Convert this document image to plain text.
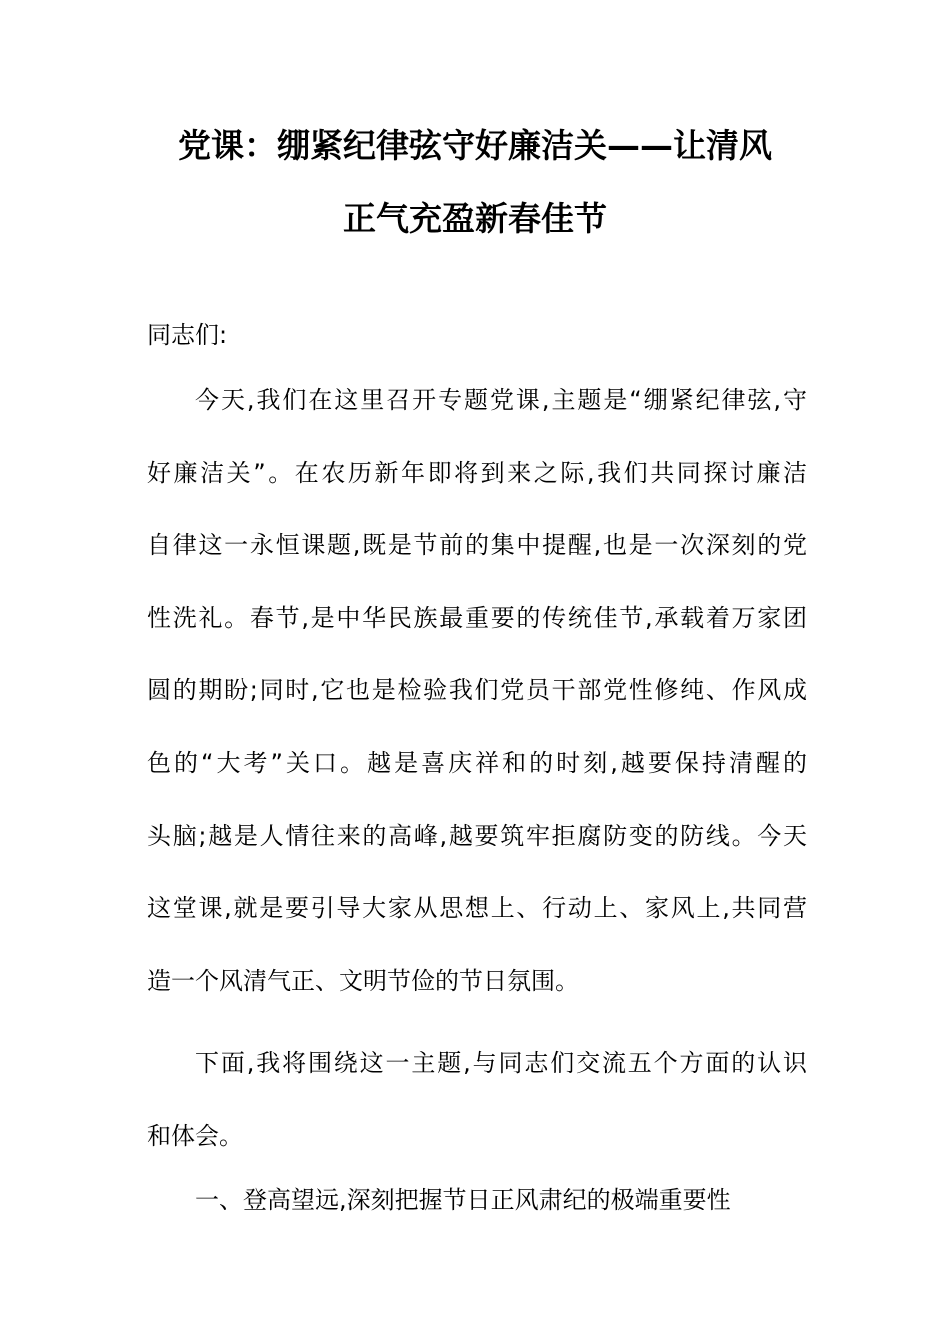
党课：绷紧纪律弦守好廉洁关——让清风
正气充盈新春佳节
同志们:
今天,我们在这里召开专题党课,主题是“绷紧纪律弦,守
好廉洁关”。在农历新年即将到来之际,我们共同探讨廉洁
自律这一永恒课题,既是节前的集中提醒,也是一次深刻的党
性洗礼。春节,是中华民族最重要的传统佳节,承载着万家团
圆的期盼;同时,它也是检验我们党员干部党性修纯、作风成
色的“大考”关口。越是喜庆祥和的时刻,越要保持清醒的
头脑;越是人情往来的高峰,越要筑牢拒腐防变的防线。今天
这堂课,就是要引导大家从思想上、行动上、家风上,共同营
造一个风清气正、文明节俭的节日氛围。
下面,我将围绕这一主题,与同志们交流五个方面的认识
和体会。
一、登高望远,深刻把握节日正风肃纪的极端重要性
